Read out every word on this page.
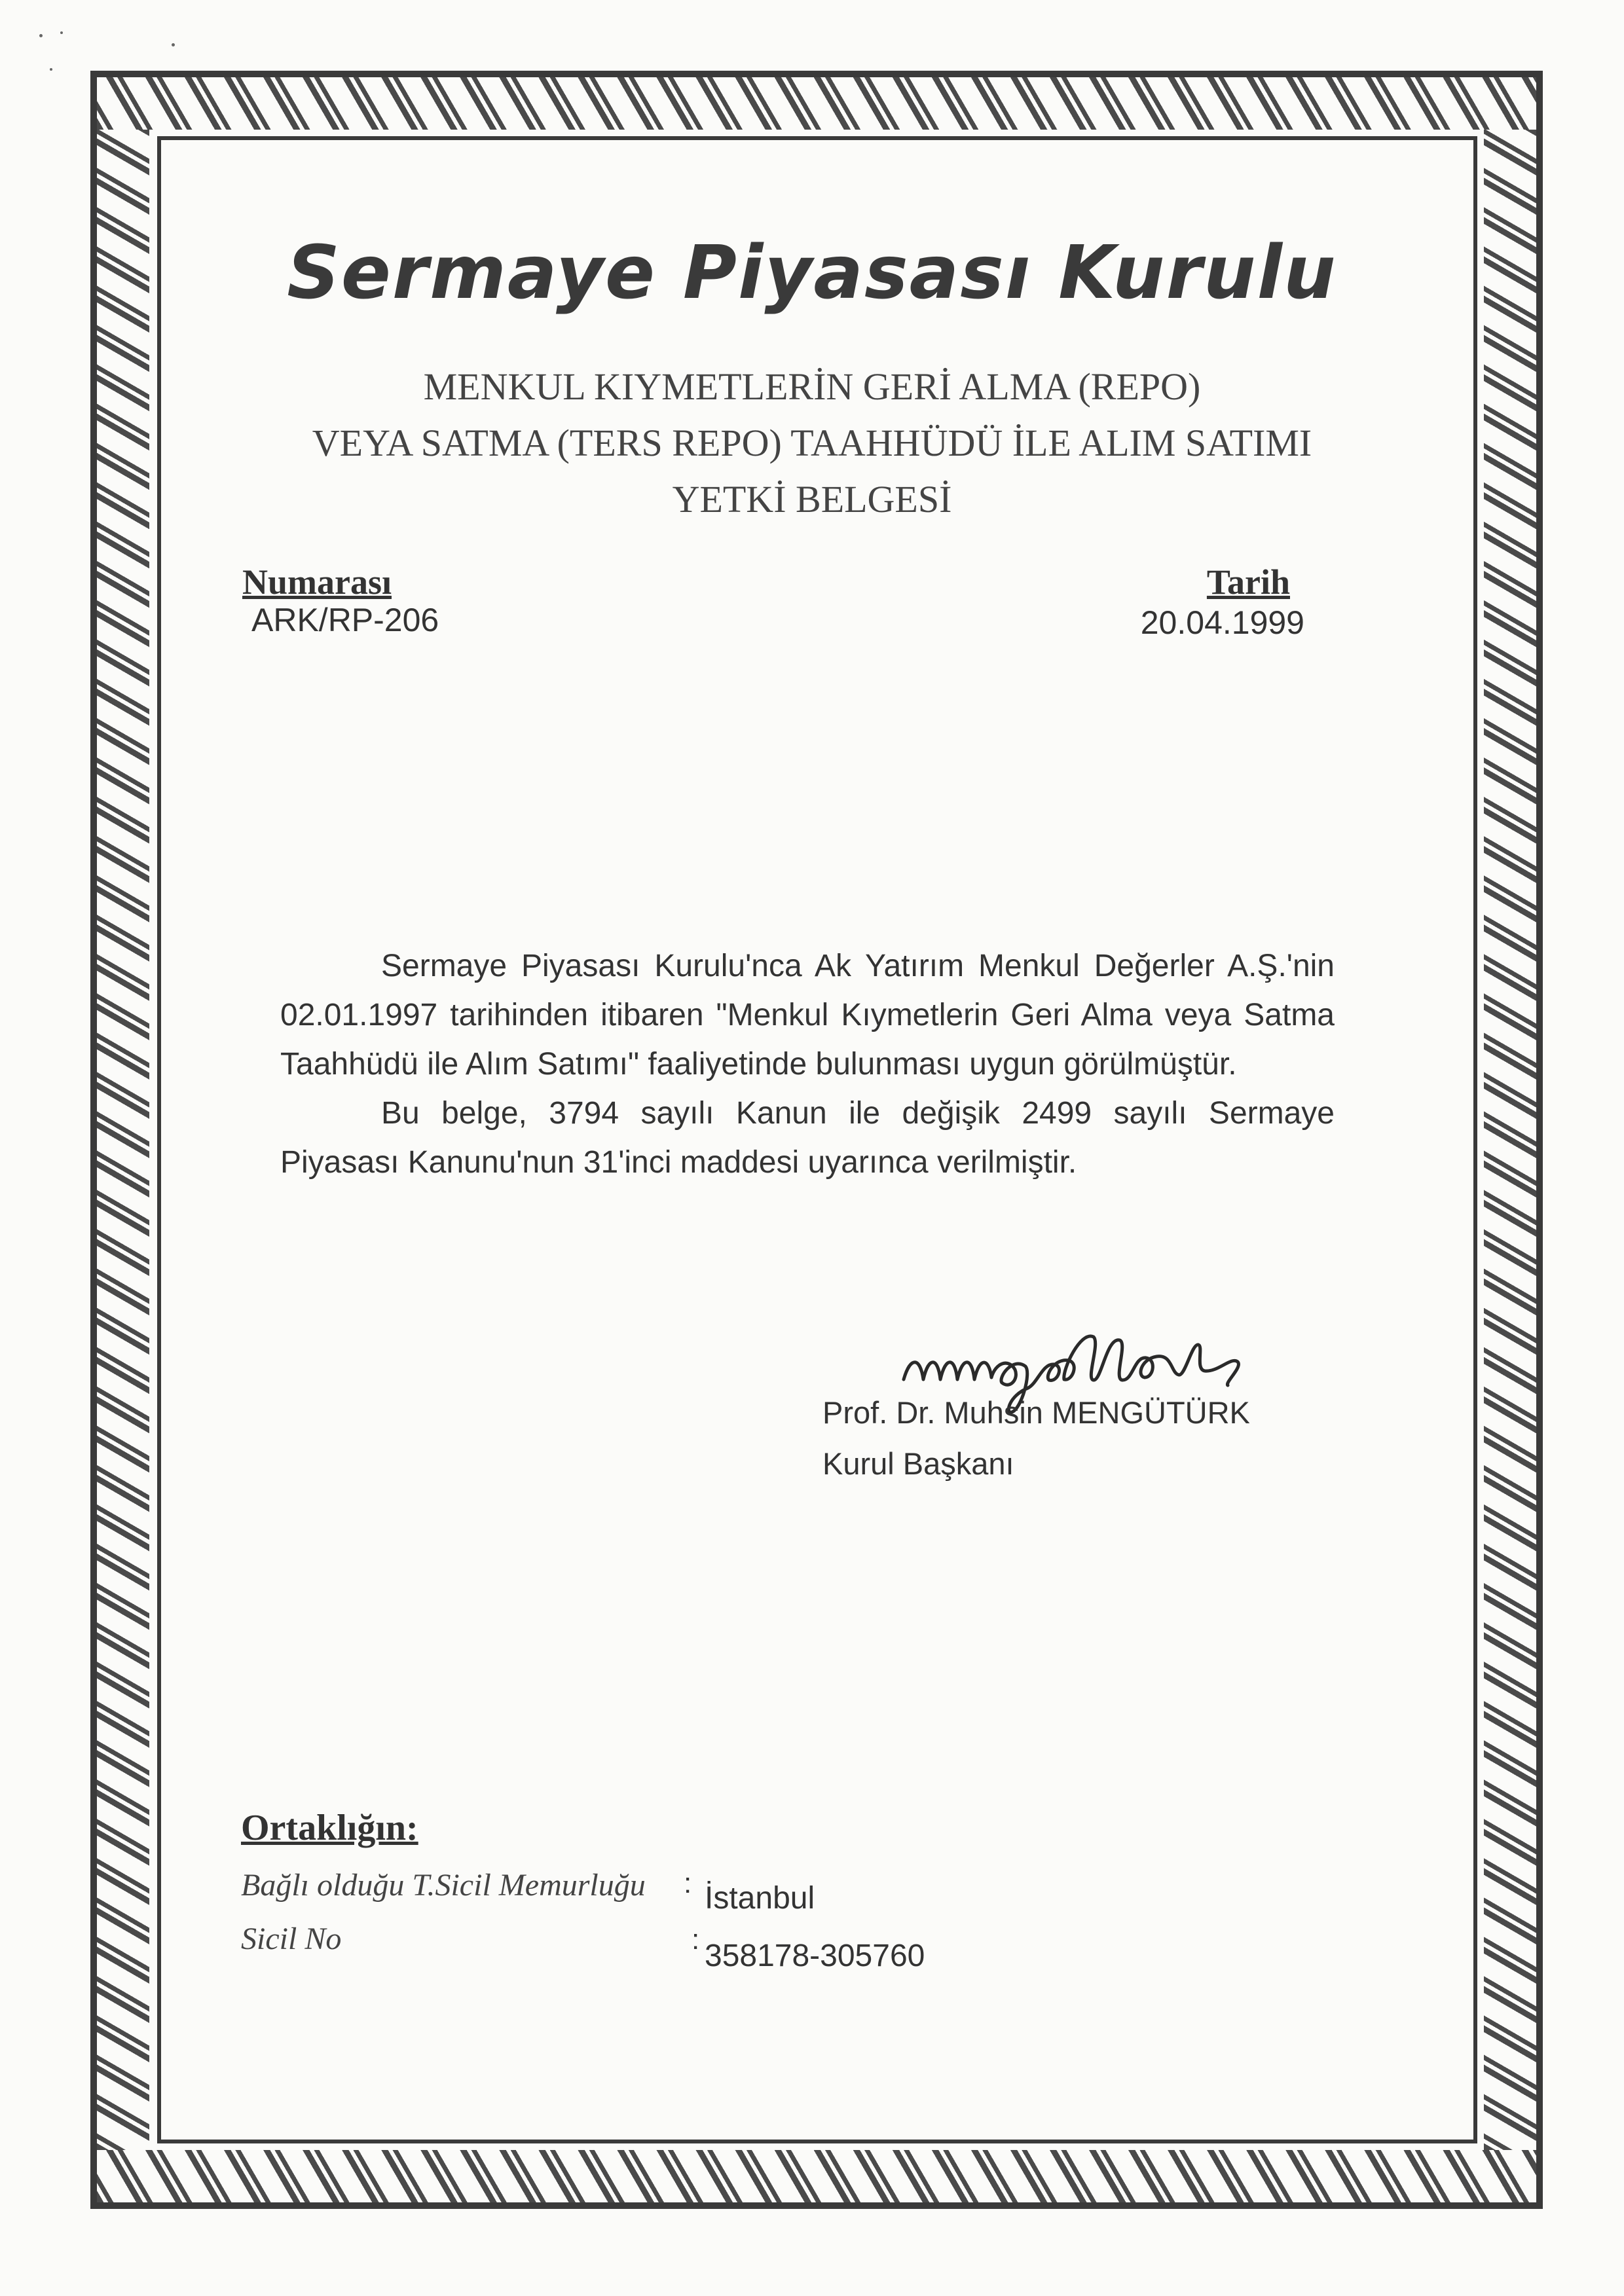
Sermaye Piyasası Kurulu
MENKUL KIYMETLERİN GERİ ALMA (REPO)
VEYA SATMA (TERS REPO) TAAHHÜDÜ İLE ALIM SATIMI
YETKİ BELGESİ
Numarası
ARK/RP-206
Tarih
20.04.1999

Sermaye Piyasası Kurulu'nca Ak Yatırım Menkul Değerler A.Ş.'nin 02.01.1997 tarihinden itibaren "Menkul Kıymetlerin Geri Alma veya Satma Taahhüdü ile Alım Satımı" faaliyetinde bulunması uygun görülmüştür.

Bu belge, 3794 sayılı Kanun ile değişik 2499 sayılı Sermaye Piyasası Kanunu'nun 31'inci maddesi uyarınca verilmiştir.

Prof. Dr. Muhsin MENGÜTÜRK
Kurul Başkanı
Ortaklığın:
Bağlı olduğu T.Sicil Memurluğu : İstanbul
Sicil No	: 358178-305760
